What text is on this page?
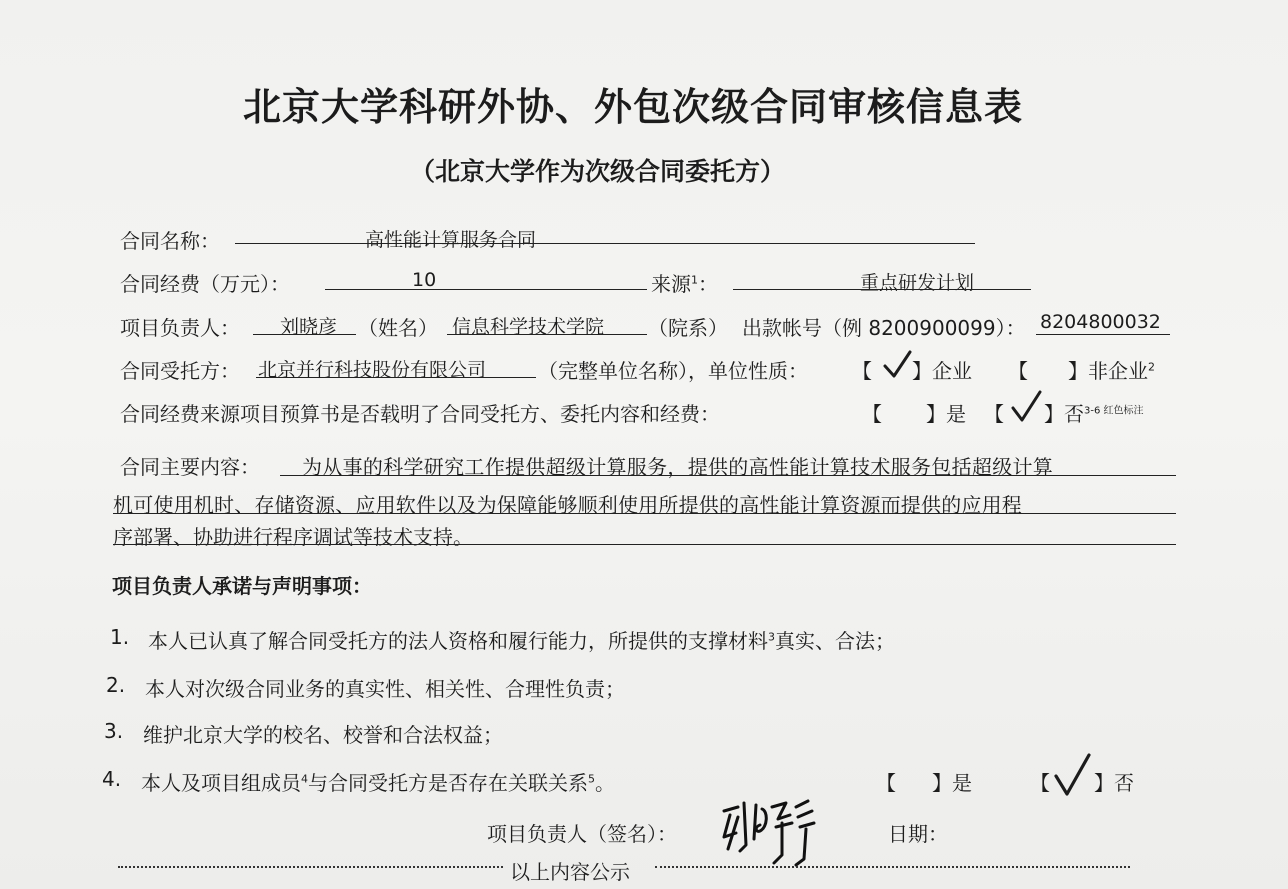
北京大学科研外协、外包次级合同审核信息表
（北京大学作为次级合同委托方）
合同名称：	高性能计算服务合同
合同经费（万元）：	10	来源$^1$：	重点研发计划
项目负责人： 刘晓彦 （姓名） 信息科学技术学院 （院系） 出款帐号（例 8200900099）： 8204800032
合同受托方： 北京并行科技股份有限公司	（完整单位名称），单位性质： 【 】企业 【 】非企业$^2$
合同经费来源项目预算书是否载明了合同受托方、委托内容和经费：	【 】是 【 】否$^{3-6 红色标注}$
合同主要内容： 为从事的科学研究工作提供超级计算服务，提供的高性能计算技术服务包括超级计算
机可使用机时、存储资源、应用软件以及为保障能够顺利使用所提供的高性能计算资源而提供的应用程
序部署、协助进行程序调试等技术支持。
项目负责人承诺与声明事项：
1. 本人已认真了解合同受托方的法人资格和履行能力，所提供的支撑材料$^3$真实、合法；
2. 本人对次级合同业务的真实性、相关性、合理性负责；
3. 维护北京大学的校名、校誉和合法权益；
4. 本人及项目组成员$^4$与合同受托方是否存在关联关系$^5$。	【 】是	【 】否
项目负责人（签名）：	日期：
以上内容公示
